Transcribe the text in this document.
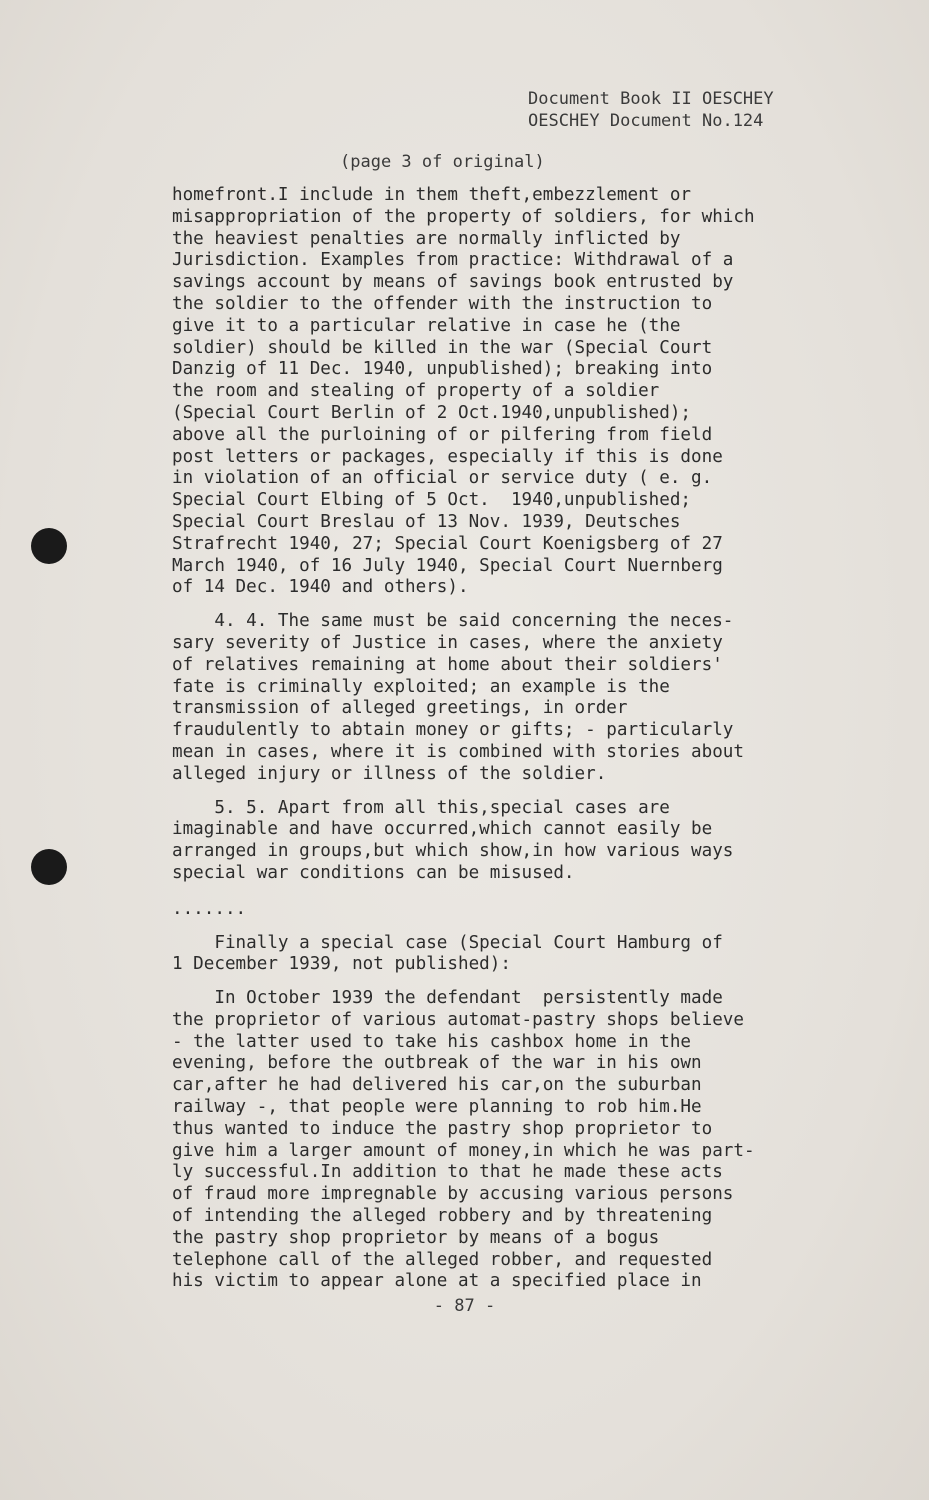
Document Book II OESCHEY
OESCHEY Document No.124
(page 3 of original)
homefront.I include in them theft,embezzlement or
misappropriation of the property of soldiers, for which
the heaviest penalties are normally inflicted by
Jurisdiction. Examples from practice: Withdrawal of a
savings account by means of savings book entrusted by
the soldier to the offender with the instruction to
give it to a particular relative in case he (the
soldier) should be killed in the war (Special Court
Danzig of 11 Dec. 1940, unpublished); breaking into
the room and stealing of property of a soldier
(Special Court Berlin of 2 Oct.1940,unpublished);
above all the purloining of or pilfering from field
post letters or packages, especially if this is done
in violation of an official or service duty ( e. g.
Special Court Elbing of 5 Oct.  1940,unpublished;
Special Court Breslau of 13 Nov. 1939, Deutsches
Strafrecht 1940, 27; Special Court Koenigsberg of 27
March 1940, of 16 July 1940, Special Court Nuernberg
of 14 Dec. 1940 and others).
4. 4. The same must be said concerning the neces-
sary severity of Justice in cases, where the anxiety
of relatives remaining at home about their soldiers'
fate is criminally exploited; an example is the
transmission of alleged greetings, in order
fraudulently to abtain money or gifts; - particularly
mean in cases, where it is combined with stories about
alleged injury or illness of the soldier.
5. 5. Apart from all this,special cases are
imaginable and have occurred,which cannot easily be
arranged in groups,but which show,in how various ways
special war conditions can be misused.
.......
Finally a special case (Special Court Hamburg of
1 December 1939, not published):
In October 1939 the defendant  persistently made
the proprietor of various automat-pastry shops believe
- the latter used to take his cashbox home in the
evening, before the outbreak of the war in his own
car,after he had delivered his car,on the suburban
railway -, that people were planning to rob him.He
thus wanted to induce the pastry shop proprietor to
give him a larger amount of money,in which he was part-
ly successful.In addition to that he made these acts
of fraud more impregnable by accusing various persons
of intending the alleged robbery and by threatening
the pastry shop proprietor by means of a bogus
telephone call of the alleged robber, and requested
his victim to appear alone at a specified place in
- 87 -
